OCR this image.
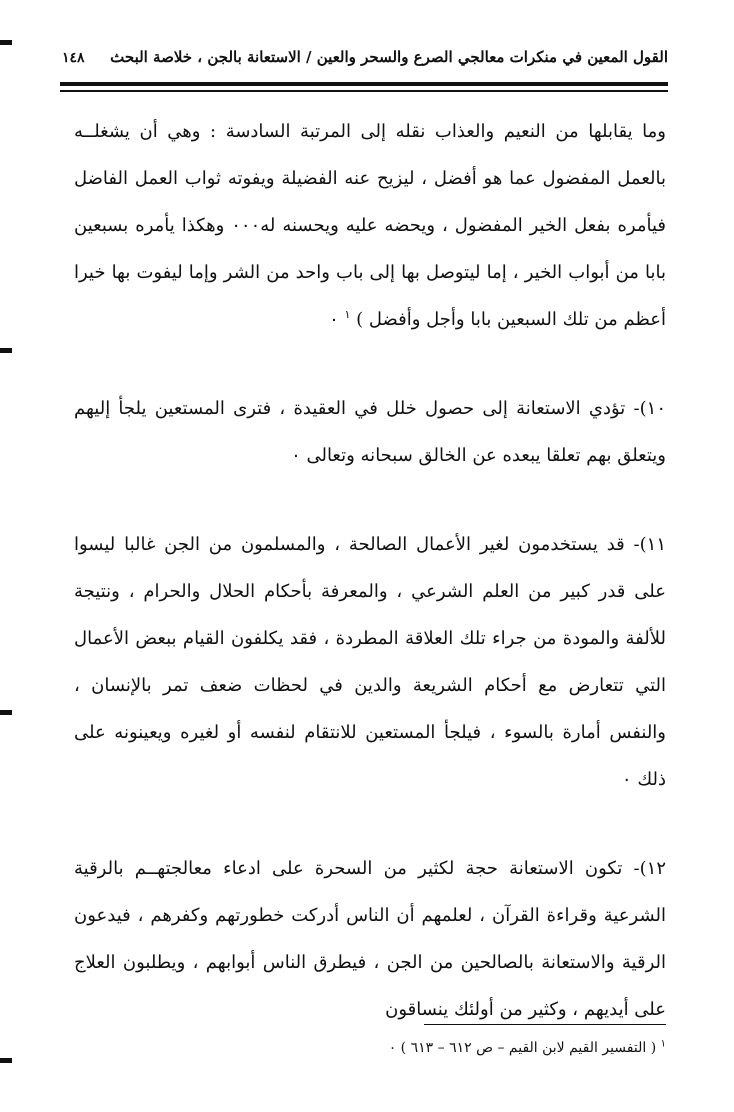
القول المعين في منكرات معالجي الصرع والسحر والعين / الاستعانة بالجن ، خلاصة البحث
١٤٨

وما يقابلها من النعيم والعذاب نقله إلى المرتبة السادسة : وهي أن يشغلــه بالعمل المفضول عما هو أفضل ، ليزيح عنه الفضيلة ويفوته ثواب العمل الفاضل فيأمره بفعل الخير المفضول ، ويحضه عليه ويحسنه له٠٠٠ وهكذا يأمره بسبعين بابا من أبواب الخير ، إما ليتوصل بها إلى باب واحد من الشر وإما ليفوت بها خيرا أعظم من تلك السبعين بابا وأجل وأفضل ) $^١$ ٠

١٠)- تؤدي الاستعانة إلى حصول خلل في العقيدة ، فترى المستعين يلجأ إليهم ويتعلق بهم تعلقا يبعده عن الخالق سبحانه وتعالى ٠

١١)- قد يستخدمون لغير الأعمال الصالحة ، والمسلمون من الجن غالبا ليسوا على قدر كبير من العلم الشرعي ، والمعرفة بأحكام الحلال والحرام ، ونتيجة للألفة والمودة من جراء تلك العلاقة المطردة ، فقد يكلفون القيام ببعض الأعمال التي تتعارض مع أحكام الشريعة والدين في لحظات ضعف تمر بالإنسان ، والنفس أمارة بالسوء ، فيلجأ المستعين للانتقام لنفسه أو لغيره ويعينونه على ذلك ٠

١٢)- تكون الاستعانة حجة لكثير من السحرة على ادعاء معالجتهــم بالرقية الشرعية وقراءة القرآن ، لعلمهم أن الناس أدركت خطورتهم وكفرهم ، فيدعون الرقية والاستعانة بالصالحين من الجن ، فيطرق الناس أبوابهم ، ويطلبون العلاج على أيديهم ، وكثير من أولئك ينساقون

$^١$ ( التفسير القيم لابن القيم – ص ٦١٢ – ٦١٣ ) ٠
